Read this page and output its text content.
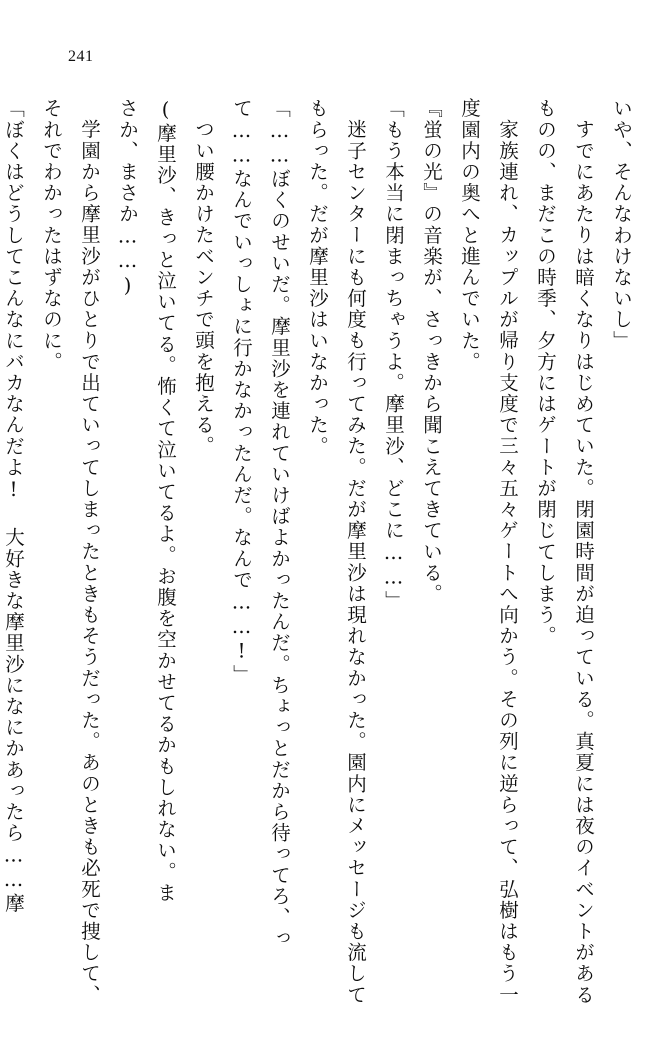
241

いや、そんなわけないし」

すでにあたりは暗くなりはじめていた。閉園時間が迫っている。真夏には夜のイベントがあるものの、まだこの時季、夕方にはゲートが閉じてしまう。

家族連れ、カップルが帰り支度で三々五々ゲートへ向かう。その列に逆らって、弘樹はもう一度園内の奥へと進んでいた。

『蛍の光』の音楽が、さっきから聞こえてきている。

「もう本当に閉まっちゃうよ。摩里沙、どこに……」

迷子センターにも何度も行ってみた。だが摩里沙は現れなかった。園内にメッセージも流してもらった。だが摩里沙はいなかった。

「……ぼくのせいだ。摩里沙を連れていけばよかったんだ。ちょっとだから待ってろ、って……なんでいっしょに行かなかったんだ。なんで……!」

つい腰かけたベンチで頭を抱える。

(摩里沙、きっと泣いてる。怖くて泣いてるよ。お腹を空かせてるかもしれない。ま

さか、まさか……)

学園から摩里沙がひとりで出ていってしまったときもそうだった。あのときも必死で捜して、それでわかったはずなのに。

「ぼくはどうしてこんなにバカなんだよ! 大好きな摩里沙になにかあったら……摩
